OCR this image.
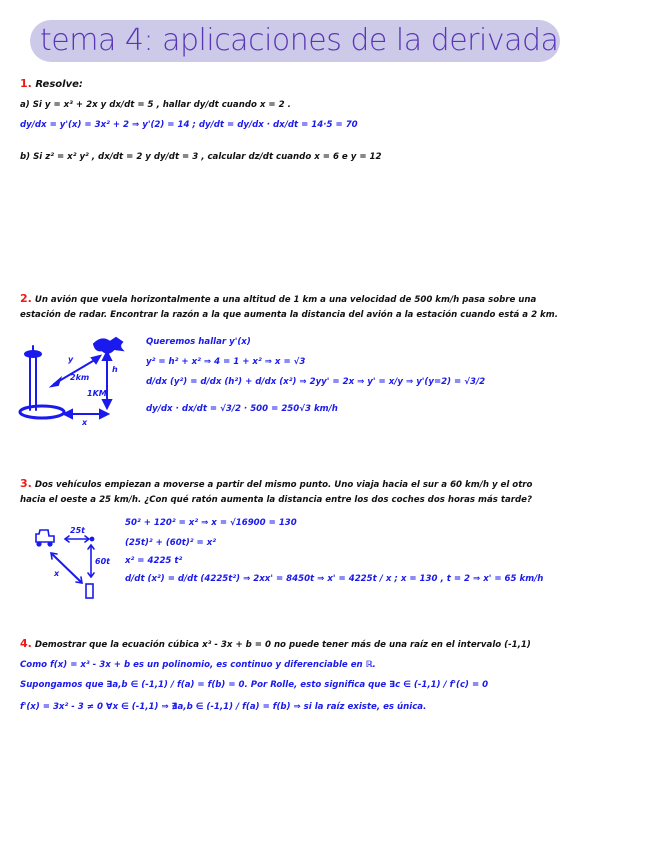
tema 4: aplicaciones de la derivada
1. Resolve:
a) Si y = x³ + 2x y dx/dt = 5 , hallar dy/dt cuando x = 2 .
dy/dx = y'(x) = 3x² + 2 ⇒ y'(2) = 14 ; dy/dt = dy/dx · dx/dt = 14·5 = 70
b) Si z² = x² y² , dx/dt = 2 y dy/dt = 3 , calcular dz/dt cuando x = 6 e y = 12
2. Un avión que vuela horizontalmente a una altitud de 1 km a una velocidad de 500 km/h pasa sobre una
estación de radar. Encontrar la razón a la que aumenta la distancia del avión a la estación cuando está a 2 km.
y
2km
h
1KM
x
Queremos hallar y'(x)
y² = h² + x² ⇒ 4 = 1 + x² ⇒ x = √3
d/dx (y²) = d/dx (h²) + d/dx (x²) ⇒ 2yy' = 2x ⇒ y' = x/y ⇒ y'(y=2) = √3/2
dy/dx · dx/dt = √3/2 · 500 = 250√3 km/h
3. Dos vehículos empiezan a moverse a partir del mismo punto. Uno viaja hacia el sur a 60 km/h y el otro
hacia el oeste a 25 km/h. ¿Con qué ratón aumenta la distancia entre los dos coches dos horas más tarde?
25t
60t
x
50² + 120² = x² ⇒ x = √16900 = 130
(25t)² + (60t)² = x²
x² = 4225 t²
d/dt (x²) = d/dt (4225t²) ⇒ 2xx' = 8450t ⇒ x' = 4225t / x ; x = 130 , t = 2 ⇒ x' = 65 km/h
4. Demostrar que la ecuación cúbica x³ - 3x + b = 0 no puede tener más de una raíz en el intervalo (-1,1)
Como f(x) = x³ - 3x + b es un polinomio, es continuo y diferenciable en ℝ.
Supongamos que ∃a,b ∈ (-1,1) / f(a) = f(b) = 0. Por Rolle, esto significa que ∃c ∈ (-1,1) / f'(c) = 0
f'(x) = 3x² - 3 ≠ 0 ∀x ∈ (-1,1) ⇒ ∄a,b ∈ (-1,1) / f(a) = f(b) ⇒ si la raíz existe, es única.
